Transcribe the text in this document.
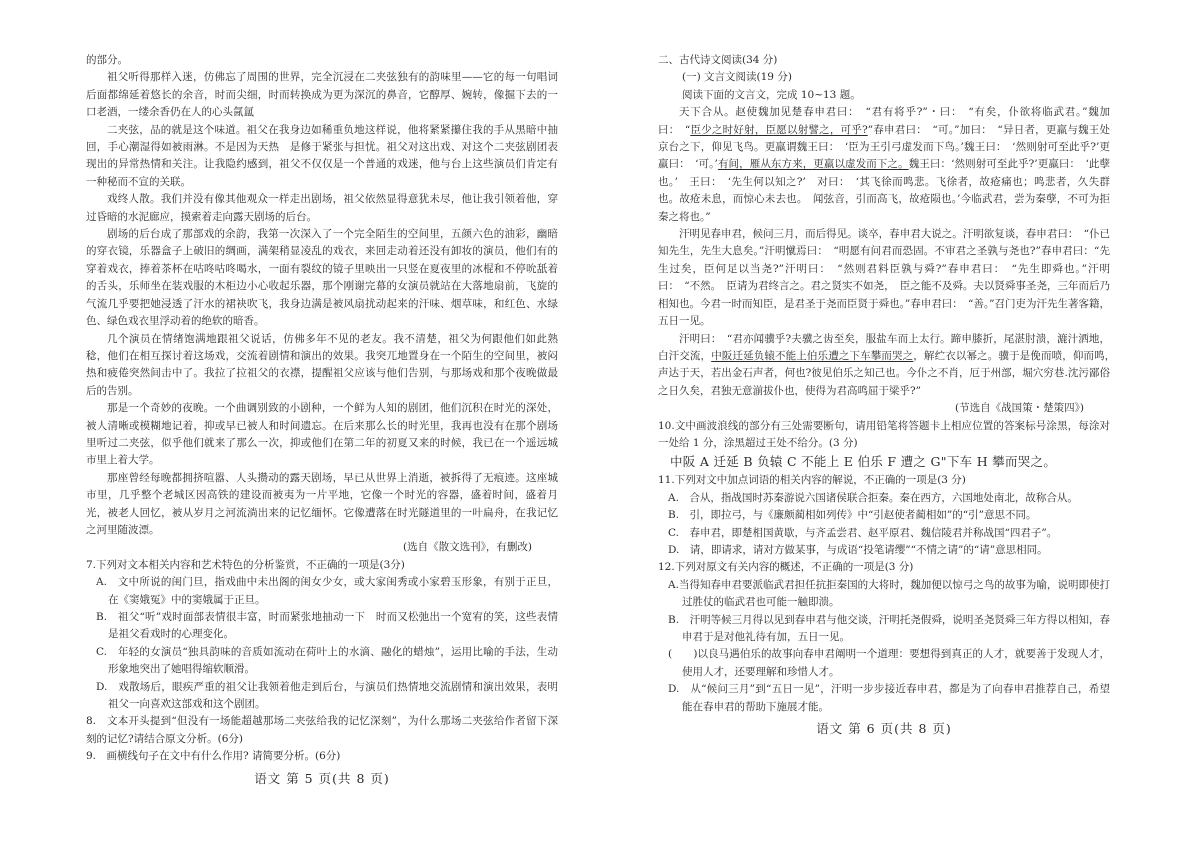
的部分。

祖父听得那样入迷，仿佛忘了周围的世界，完全沉浸在二夹弦独有的韵味里——它的每一句唱词后面都绵延着悠长的余音，时而尖细，时而转换成为更为深沉的鼻音，它醇厚、婉转，像掘下去的一口老酒，一缕余香仍在人的心头氤氲

二夹弦，品的就是这个味道。祖父在我身边如稀重负地这样说，他将紧紧攥住我的手从黑暗中抽回，手心潮湿得如被雨淋。不是因为天热　是修于紧张与担忧。祖父对这出戏、对这个二夹弦剧团表现出的异常热情和关注。让我隐约感到，祖父不仅仅是一个普通的戏迷，他与台上这些演员们肯定有一种秘而不宣的关联。

戏终人散。我们并没有像其他观众一样走出剧场，祖父依然显得意犹未尽，他让我引领着他，穿过昏暗的水泥廊应，摸索着走向露天剧场的后台。

剧场的后台成了那部戏的余韵，我第一次深入了一个完全陌生的空间里，五颜六色的油彩，幽暗的穿衣镜，乐器盒子上破旧的绸画，满架稍显凌乱的戏衣，来回走动着还没有卸妆的演员，他们有的穿着戏衣，捧着茶杯在咕咚咕咚喝水，一面有裂纹的镜子里映出一只竖在夏夜里的冰棍和不停吮舐着的舌头，乐师坐在装戏服的木柜边小心收起乐器，那个刚谢完幕的女演员就站在大落地扇前，飞旋的气流几乎要把她浸透了汗水的裙袂吹飞，我身边满是被风扇扰动起来的汗味、烟草味，和红色、水绿色、绿色戏衣里浮动着的绝软的暗香。

几个演员在情绪饱满地跟祖父说话，仿佛多年不见的老友。我不清楚，祖父为何跟他们如此熟稔，他们在相互探讨着这场戏，交流着剧情和演出的效果。我突兀地置身在一个陌生的空间里，被闷热和疲倦突然间击中了。我拉了拉祖父的衣襟，提醒祖父应该与他们告别，与那场戏和那个夜晚做最后的告别。

那是一个奇妙的夜晚。一个曲调别致的小剧种，一个鲜为人知的剧团，他们沉积在时光的深处，被人清晰或模糊地记着，抑或早已被人和时间遗忘。在后来那么长的时光里，我再也没有在那个剧场里听过二夹弦，似乎他们就来了那么一次，抑或他们在第二年的初夏又来的时候，我已在一个遥远城市里上着大学。

那座曾经每晚都拥挤喧嚣、人头攒动的露天剧场，早已从世界上消逝，被拆得了无痕迹。这座城市里，几乎整个老城区因高铁的建设而被夷为一片平地，它像一个时光的容器，盛着时间，盛着月光，被老人回忆，被从岁月之河流淌出来的记忆缅怀。它像遭落在时光隧道里的一叶扁舟，在我记忆之河里随波漂。

(选自《散文选刊》，有删改)

7.下列对文本相关内容和艺术特色的分析鉴赏，不正确的一项是(3分)

A.　文中所说的闺门旦，指戏曲中未出阁的闺女少女，或大家闺秀或小家碧玉形象，有别于正旦，在《窦娥冤》中的窦娥属于正旦。

B.　祖父“听”戏时面部表情很丰富，时而紧张地抽动一下　时而又松弛出一个宽宥的笑，这些表情是祖父看戏时的心理变化。

C.　年轻的女演员“独具韵味的音质如流动在荷叶上的水滴、融化的蜡烛”，运用比喻的手法，生动形象地突出了她唱得缩软顺滑。

D.　戏散场后，眼疾严重的祖父让我领着他走到后台，与演员们热情地交流剧情和演出效果，表明祖父一向喜欢这部戏和这个剧团。

8.　文本开头提到“但没有一场能超越那场二夹弦给我的记忆深刻”，为什么那场二夹弦给作者留下深刻的记忆?请结合原文分析。(6分)

9.　画横线句子在文中有什么作用? 请简要分析。(6分)

语文 第 5 页(共 8 页)

二、古代诗文阅读(34 分)

(一) 文言文阅读(19 分)

阅读下面的文言文，完成 10~13 题。

天下合从。赵使魏加见楚春申君曰：　“君有将乎?”・曰：　“有矣，仆欲将临武君。”魏加曰：　“臣少之时好射，臣愿以射譬之，可乎?”春申君曰：　“可。”加曰：　“异日者，更羸与魏王处京台之下，仰见飞鸟。更羸谓魏王曰：　‘臣为王引弓虚发而下鸟。’魏王曰：　‘然则射可至此乎?’更羸曰：　‘可。’有间，雁从东方来，更羸以虚发而下之。魏王曰：‘然则射可至此乎?’更羸曰：　‘此孽也。’　王曰：　‘先生何以知之?’　对曰：　‘其飞徐而鸣悲。飞徐者，故疮痛也；鸣悲者，久失群也。故疮未息，而惊心未去也。　闻弦音，引而高飞，故疮陨也。’今临武君，尝为秦孽，不可为拒秦之将也。”

汗明见春申君，候问三月，而后得见。谈卒，春申君大说之。汗明欲复谈，春申君曰：　“仆已知先生，先生大息矣。”汗明憱焉曰：　“明愿有问君而恐固。不审君之圣孰与尧也?”春申君曰：“先生过矣，臣何足以当尧?”汗明曰：　“然则君料臣孰与舜?”春申君曰：　“先生即舜也。”汗明曰：　“不然。　臣请为君终言之。君之贤实不如尧，　臣之能不及舜。夫以贤舜事圣尧，三年而后乃相知也。今君一时而知臣，是君圣于尧而臣贤于舜也。”春申君曰：　“善。”召门吏为汗先生著客籍，五日一见。

汗明曰：　“君亦闻骥乎?夫骥之齿至矣，服盐车而上太行。蹄申膝折，尾湛肘溃，漉汁洒地，白汗交流，中阪迁延负辕不能上伯乐遭之下车攀而哭之，解纻衣以幂之。骥于是俛而喷，仰而鸣，　声达于天，若出金石声者，何也?彼见伯乐之知己也。今仆之不肖，厄于州部，堀穴穷巷.沈污鄙俗之日久矣，君独无意湔拔仆也，使得为君高鸣屈于梁乎?”

(节选自《战国策・楚策四》)

10.文中画波浪线的部分有三处需要断句，请用铅笔将答题卡上相应位置的答案标号涂黑，每涂对一处给 1 分，涂黑超过王处不给分。(3 分)

中阪 A 迁延 B 负辕 C 不能上 E 伯乐 F 遭之 G"下车 H 攀而哭之。

11.下列对文中加点词语的相关内容的解说，不正确的一项是(3 分)

A.　合从，指战国时苏秦游说六国诸侯联合拒秦。秦在西方，六国地处南北，故称合从。

B.　引，即拉弓，与《廉颇蔺相如列传》中“引赵使者蔺相如”的“引”意思不同。

C.　春申君，即楚相国黄歇，与齐孟尝君、赵平原君、魏信陵君并称战国“四君子”。

D.　请，即请求，请对方做某事，与成语“投笔请缨”“不情之请”的“请”意思相同。

12.下列对原文有关内容的概述，不正确的一项是(3 分)

A.当得知春申君要派临武君担任抗拒秦国的大将时，魏加便以惊弓之鸟的故事为喻，说明即使打过胜仗的临武君也可能一触即溃。

B.　汗明等候三月得以见到春申君与他交谈，汗明托尧假舜，说明圣尧贤舜三年方得以相知，春申君于是对他礼待有加，五日一见。

(　　)以良马遇伯乐的故事向春申君阐明一个道理：要想得到真正的人才，就要善于发现人才，使用人才，还要理解和珍惜人才。

D.　从“候问三月”到“五日一见”，汗明一步步接近春申君，都是为了向春申君推荐自己，希望能在春申君的帮助下施展才能。

语文 第 6 页(共 8 页)
